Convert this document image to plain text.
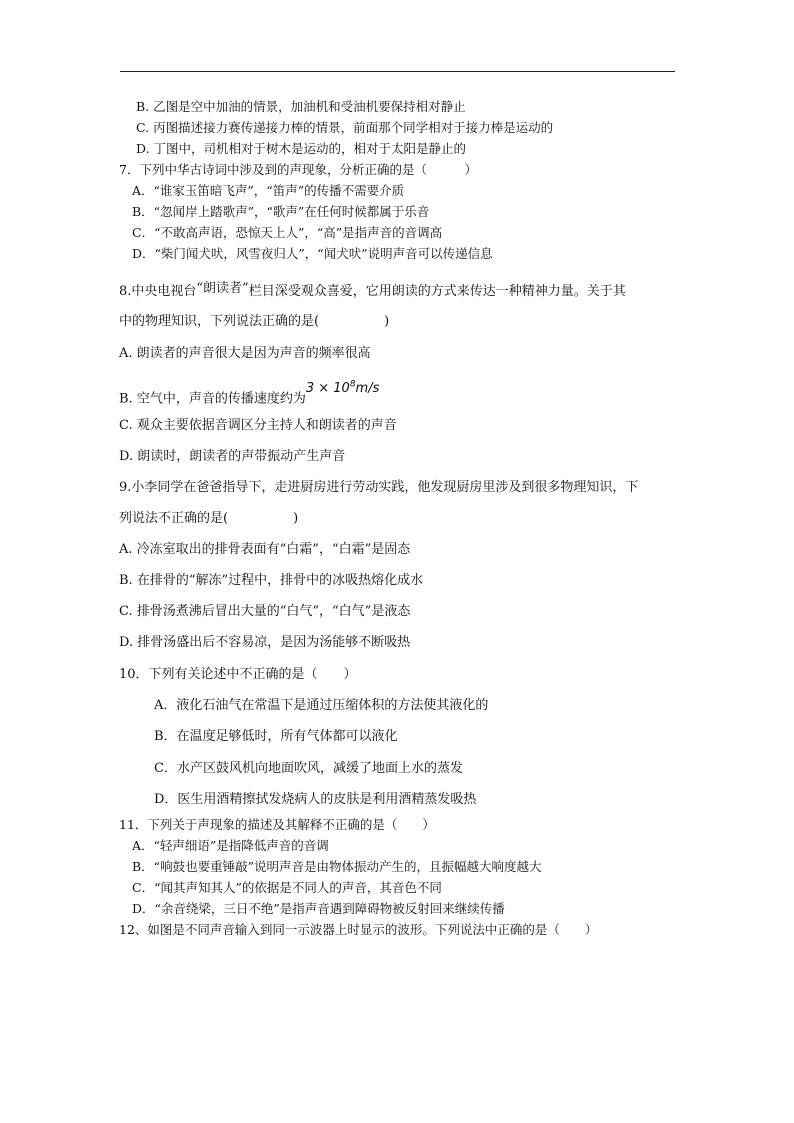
B. 乙图是空中加油的情景，加油机和受油机要保持相对静止
C. 丙图描述接力赛传递接力棒的情景，前面那个同学相对于接力棒是运动的
D. 丁图中，司机相对于树木是运动的，相对于太阳是静止的
7．下列中华古诗词中涉及到的声现象，分析正确的是（　　　）
A．“谁家玉笛暗飞声”，“笛声”的传播不需要介质
B．“忽闻岸上踏歌声”，“歌声”在任何时候都属于乐音
C．“不敢高声语，恐惊天上人”，“高”是指声音的音调高
D．“柴门闻犬吠，风雪夜归人”，“闻犬吠”说明声音可以传递信息
8.中央电视台“朗读者”栏目深受观众喜爱，它用朗读的方式来传达一种精神力量。关于其
中的物理知识，下列说法正确的是(　　　　　)
A. 朗读者的声音很大是因为声音的频率很高
B. 空气中，声音的传播速度约为$3 \times 10^8m/s$
C. 观众主要依据音调区分主持人和朗读者的声音
D. 朗读时，朗读者的声带振动产生声音
9.小李同学在爸爸指导下，走进厨房进行劳动实践，他发现厨房里涉及到很多物理知识，下
列说法不正确的是(　　　　　)
A. 冷冻室取出的排骨表面有“白霜”，“白霜”是固态
B. 在排骨的“解冻”过程中，排骨中的冰吸热熔化成水
C. 排骨汤煮沸后冒出大量的“白气”，“白气”是液态
D. 排骨汤盛出后不容易凉，是因为汤能够不断吸热
10．下列有关论述中不正确的是（　　）
A．液化石油气在常温下是通过压缩体积的方法使其液化的
B．在温度足够低时，所有气体都可以液化
C．水产区鼓风机向地面吹风，减缓了地面上水的蒸发
D．医生用酒精擦拭发烧病人的皮肤是利用酒精蒸发吸热
11．下列关于声现象的描述及其解释不正确的是（　　）
A．“轻声细语”是指降低声音的音调
B．“响鼓也要重锤敲”说明声音是由物体振动产生的，且振幅越大响度越大
C．“闻其声知其人”的依据是不同人的声音，其音色不同
D．“余音绕梁，三日不绝”是指声音遇到障碍物被反射回来继续传播
12、如图是不同声音输入到同一示波器上时显示的波形。下列说法中正确的是（　　）
